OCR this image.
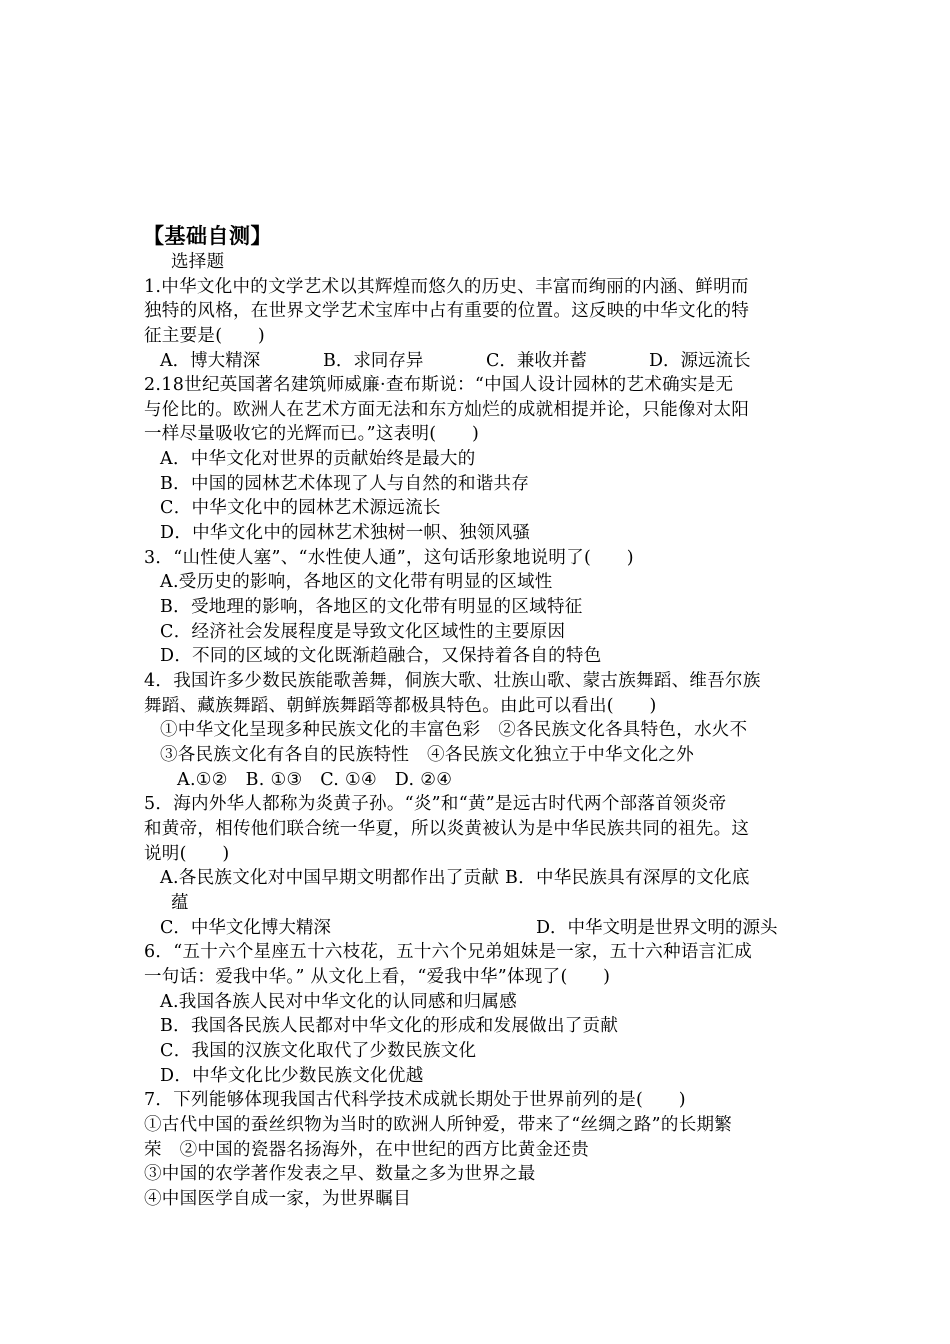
【基础自测】
选择题
1.中华文化中的文学艺术以其辉煌而悠久的历史、丰富而绚丽的内涵、鲜明而
独特的风格，在世界文学艺术宝库中占有重要的位置。这反映的中华文化的特
征主要是(　　)
A．博大精深	B．求同存异	C．兼收并蓄	D．源远流长
2.18世纪英国著名建筑师威廉·查布斯说：“中国人设计园林的艺术确实是无
与伦比的。欧洲人在艺术方面无法和东方灿烂的成就相提并论，只能像对太阳
一样尽量吸收它的光辉而已。”这表明(　　)
A．中华文化对世界的贡献始终是最大的
B．中国的园林艺术体现了人与自然的和谐共存
C．中华文化中的园林艺术源远流长
D．中华文化中的园林艺术独树一帜、独领风骚
3．“山性使人塞”、“水性使人通”，这句话形象地说明了(　　)
A.受历史的影响，各地区的文化带有明显的区域性
B．受地理的影响，各地区的文化带有明显的区域特征
C．经济社会发展程度是导致文化区域性的主要原因
D．不同的区域的文化既渐趋融合，又保持着各自的特色
4．我国许多少数民族能歌善舞，侗族大歌、壮族山歌、蒙古族舞蹈、维吾尔族
舞蹈、藏族舞蹈、朝鲜族舞蹈等都极具特色。由此可以看出(　　)
①中华文化呈现多种民族文化的丰富色彩　②各民族文化各具特色，水火不
③各民族文化有各自的民族特性　④各民族文化独立于中华文化之外
A.①②　B. ①③　C. ①④　D. ②④
5．海内外华人都称为炎黄子孙。“炎”和“黄”是远古时代两个部落首领炎帝
和黄帝，相传他们联合统一华夏，所以炎黄被认为是中华民族共同的祖先。这
说明(　　)
A.各民族文化对中国早期文明都作出了贡献 B．中华民族具有深厚的文化底
蕴
C．中华文化博大精深	D．中华文明是世界文明的源头
6．“五十六个星座五十六枝花，五十六个兄弟姐妹是一家，五十六种语言汇成
一句话：爱我中华。” 从文化上看，“爱我中华”体现了(　　)
A.我国各族人民对中华文化的认同感和归属感
B．我国各民族人民都对中华文化的形成和发展做出了贡献
C．我国的汉族文化取代了少数民族文化
D．中华文化比少数民族文化优越
7．下列能够体现我国古代科学技术成就长期处于世界前列的是(　　)
①古代中国的蚕丝织物为当时的欧洲人所钟爱，带来了“丝绸之路”的长期繁
荣　②中国的瓷器名扬海外，在中世纪的西方比黄金还贵
③中国的农学著作发表之早、数量之多为世界之最
④中国医学自成一家，为世界瞩目
